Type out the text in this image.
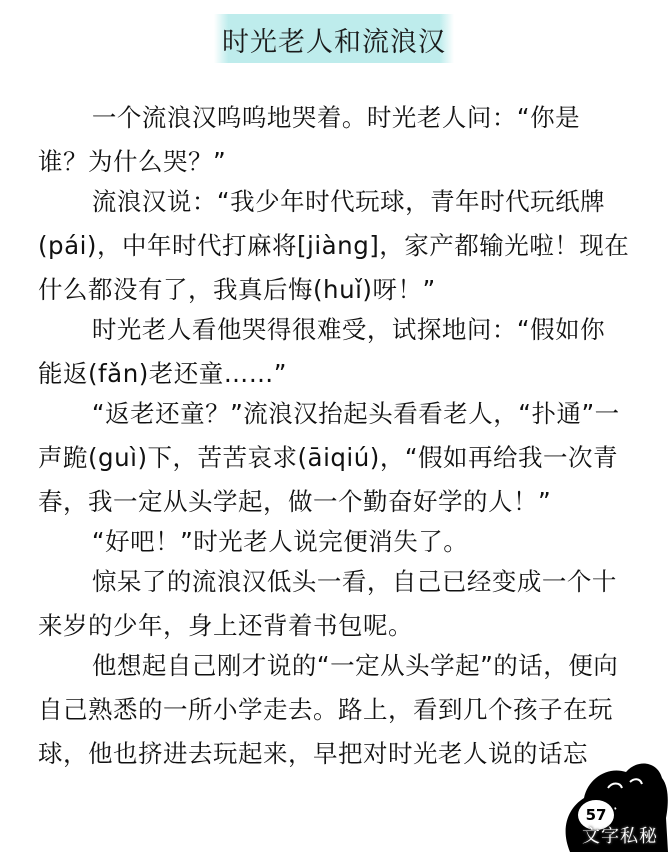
时光老人和流浪汉

一个流浪汉呜呜地哭着。时光老人问：“你是谁？为什么哭？”

流浪汉说：“我少年时代玩球，青年时代玩纸牌(pái)，中年时代打麻将[jiàng]，家产都输光啦！现在什么都没有了，我真后悔(huǐ)呀！”

时光老人看他哭得很难受，试探地问：“假如你能返(fǎn)老还童……”

“返老还童？”流浪汉抬起头看看老人，“扑通”一声跪(guì)下，苦苦哀求(āiqiú)，“假如再给我一次青春，我一定从头学起，做一个勤奋好学的人！”

“好吧！”时光老人说完便消失了。

惊呆了的流浪汉低头一看，自己已经变成一个十来岁的少年，身上还背着书包呢。

他想起自己刚才说的“一定从头学起”的话，便向自己熟悉的一所小学走去。路上，看到几个孩子在玩球，他也挤进去玩起来，早把对时光老人说的话忘

57
文字私秘
